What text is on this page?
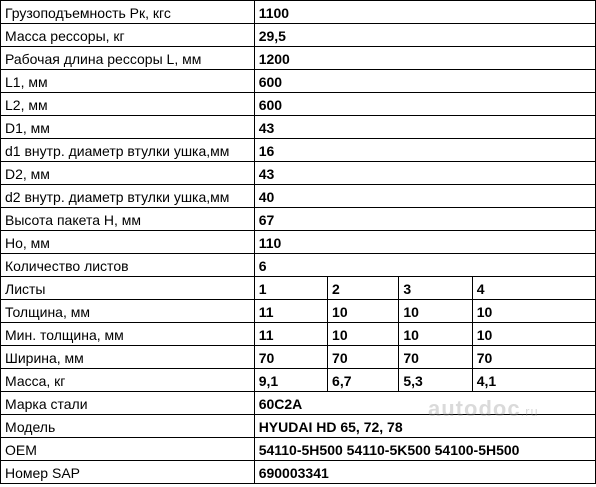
Грузоподъемность Рк, кгс	1100			
Масса рессоры, кг	29,5			
Рабочая длина рессоры L, мм	1200			
L1, мм	600			
L2, мм	600			
D1, мм	43			
d1 внутр. диаметр втулки ушка,мм	16			
D2, мм	43			
d2 внутр. диаметр втулки ушка,мм	40			
Высота пакета H, мм	67			
Но, мм	110			
Количество листов	6			
Листы	1	2	3	4
Толщина, мм	11	10	10	10
Мин. толщина, мм	11	10	10	10
Ширина, мм	70	70	70	70
Масса, кг	9,1	6,7	5,3	4,1
Марка стали	60С2А			
Модель	HYUDAI HD 65, 72, 78			
OEM	54110-5H500 54110-5K500 54100-5H500			
Номер SAP	690003341			
autodoc.ru
